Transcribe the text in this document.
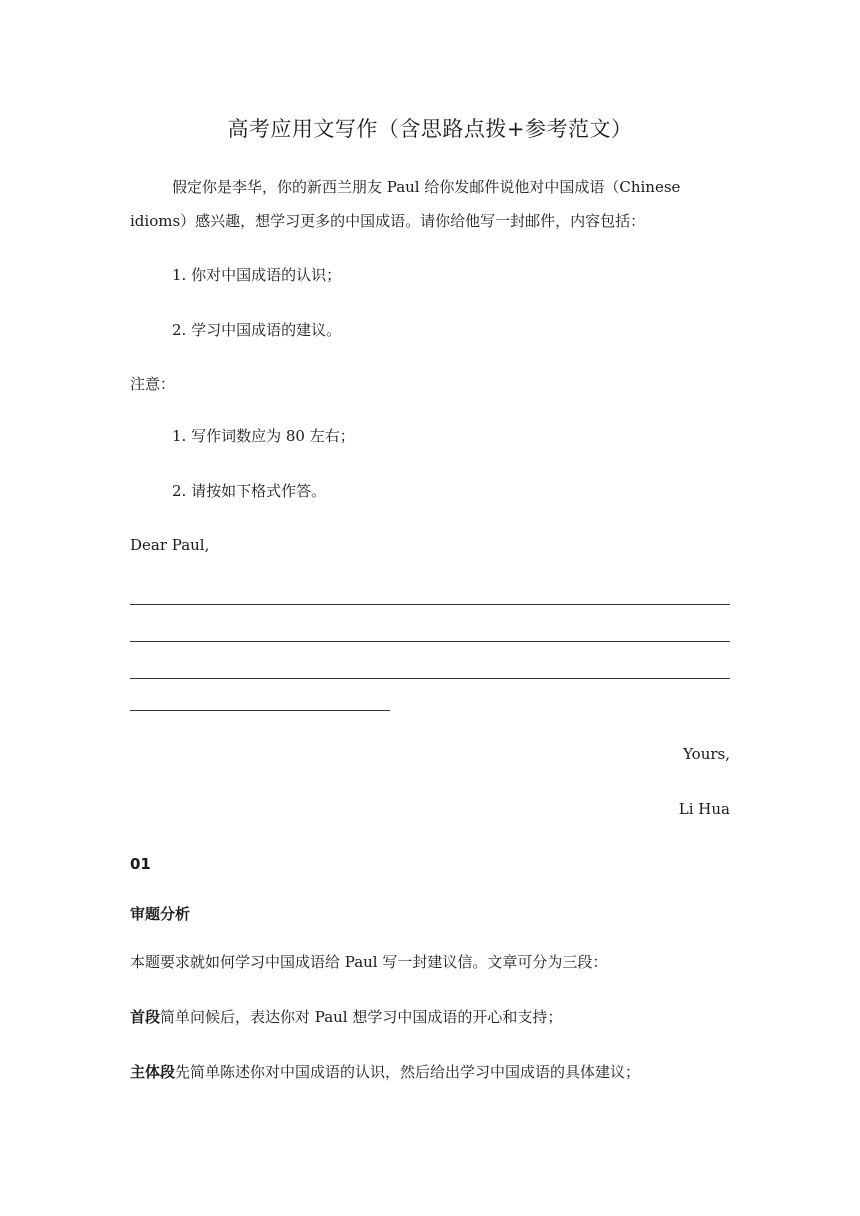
高考应用文写作（含思路点拨+参考范文）
假定你是李华，你的新西兰朋友 Paul 给你发邮件说他对中国成语（Chinese idioms）感兴趣，想学习更多的中国成语。请你给他写一封邮件，内容包括：
1. 你对中国成语的认识；
2. 学习中国成语的建议。
注意：
1. 写作词数应为 80 左右；
2. 请按如下格式作答。
Dear Paul,
Yours,
Li Hua
01
审题分析
本题要求就如何学习中国成语给 Paul 写一封建议信。文章可分为三段：
首段简单问候后，表达你对 Paul 想学习中国成语的开心和支持；
主体段先简单陈述你对中国成语的认识，然后给出学习中国成语的具体建议；
